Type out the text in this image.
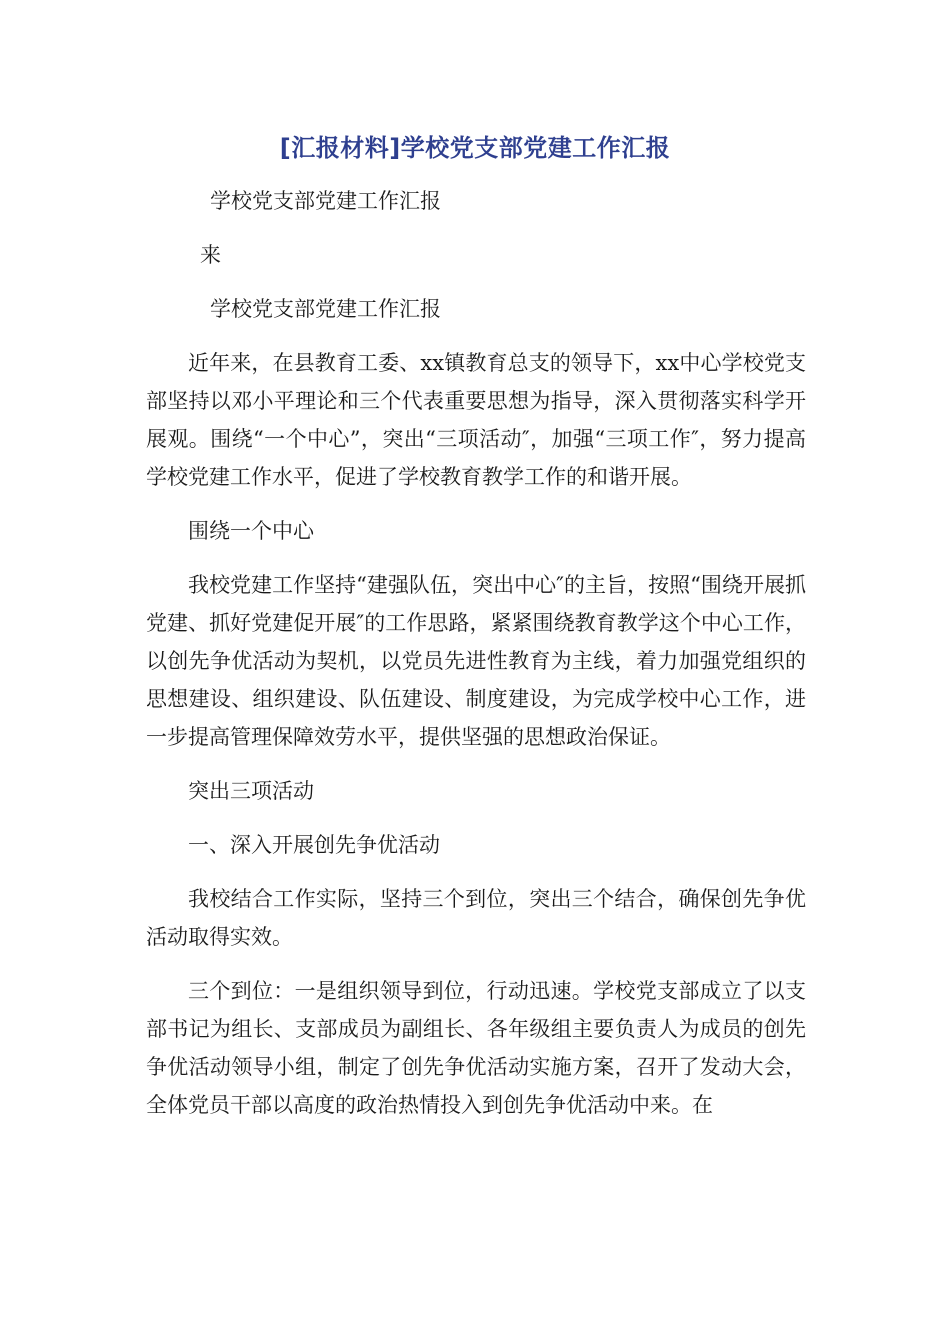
[汇报材料]学校党支部党建工作汇报

学校党支部党建工作汇报

来

学校党支部党建工作汇报

近年来，在县教育工委、xx镇教育总支的领导下，xx中心学校党支部坚持以邓小平理论和三个代表重要思想为指导，深入贯彻落实科学开展观。围绕“一个中心”，突出“三项活动″，加强“三项工作″，努力提高学校党建工作水平，促进了学校教育教学工作的和谐开展。

围绕一个中心

我校党建工作坚持“建强队伍，突出中心″的主旨，按照“围绕开展抓党建、抓好党建促开展″的工作思路，紧紧围绕教育教学这个中心工作，以创先争优活动为契机，以党员先进性教育为主线，着力加强党组织的思想建设、组织建设、队伍建设、制度建设，为完成学校中心工作，进一步提高管理保障效劳水平，提供坚强的思想政治保证。

突出三项活动

一、深入开展创先争优活动

我校结合工作实际，坚持三个到位，突出三个结合，确保创先争优活动取得实效。

三个到位：一是组织领导到位，行动迅速。学校党支部成立了以支部书记为组长、支部成员为副组长、各年级组主要负责人为成员的创先争优活动领导小组，制定了创先争优活动实施方案，召开了发动大会，全体党员干部以高度的政治热情投入到创先争优活动中来。在
